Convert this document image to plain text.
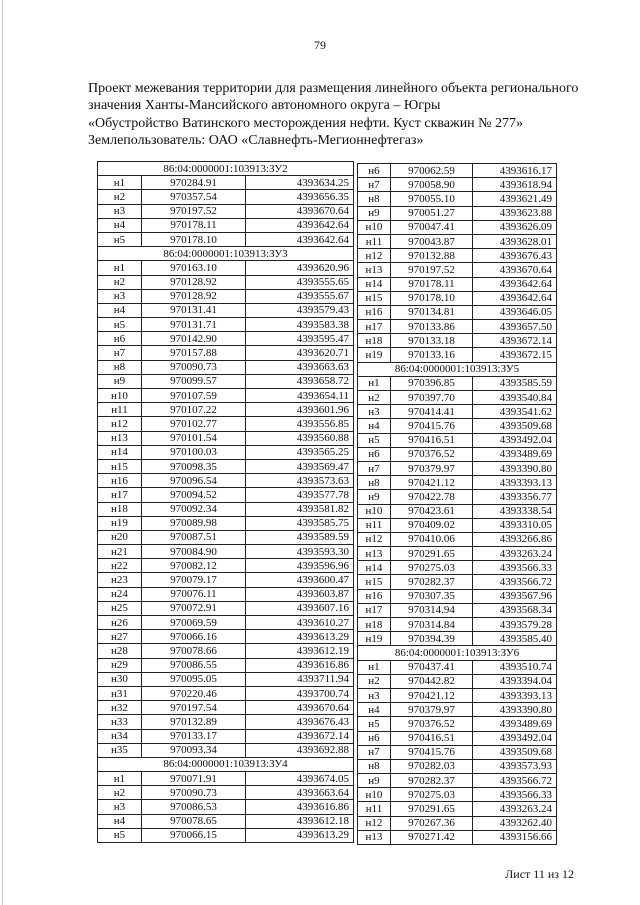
79
Проект межевания территории для размещения линейного объекта регионального
значения Ханты-Мансийского автономного округа – Югры
«Обустройство Ватинского месторождения нефти. Куст скважин № 277»
Землепользователь: ОАО «Славнефть-Мегионнефтегаз»
86:04:0000001:103913:ЗУ2		
н1	970284.91	4393634.25
н2	970357.54	4393656.35
н3	970197.52	4393670.64
н4	970178.11	4393642.64
н5	970178.10	4393642.64
86:04:0000001:103913:ЗУ3		
н1	970163.10	4393620.96
н2	970128.92	4393555.65
н3	970128.92	4393555.67
н4	970131.41	4393579.43
н5	970131.71	4393583.38
н6	970142.90	4393595.47
н7	970157.88	4393620.71
н8	970090.73	4393663.63
н9	970099.57	4393658.72
н10	970107.59	4393654.11
н11	970107.22	4393601.96
н12	970102.77	4393556.85
н13	970101.54	4393560.88
н14	970100.03	4393565.25
н15	970098.35	4393569.47
н16	970096.54	4393573.63
н17	970094.52	4393577.78
н18	970092.34	4393581.82
н19	970089.98	4393585.75
н20	970087.51	4393589.59
н21	970084.90	4393593.30
н22	970082.12	4393596.96
н23	970079.17	4393600.47
н24	970076.11	4393603.87
н25	970072.91	4393607.16
н26	970069.59	4393610.27
н27	970066.16	4393613.29
н28	970078.66	4393612.19
н29	970086.55	4393616.86
н30	970095.05	4393711.94
н31	970220.46	4393700.74
н32	970197.54	4393670.64
н33	970132.89	4393676.43
н34	970133.17	4393672.14
н35	970093.34	4393692.88
86:04:0000001:103913:ЗУ4		
н1	970071.91	4393674.05
н2	970090.73	4393663.64
н3	970086.53	4393616.86
н4	970078.65	4393612.18
н5	970066.15	4393613.29
н6	970062.59	4393616.17
н7	970058.90	4393618.94
н8	970055.10	4393621.49
н9	970051.27	4393623.88
н10	970047.41	4393626.09
н11	970043.87	4393628.01
н12	970132.88	4393676.43
н13	970197.52	4393670.64
н14	970178.11	4393642.64
н15	970178.10	4393642.64
н16	970134.81	4393646.05
н17	970133.86	4393657.50
н18	970133.18	4393672.14
н19	970133.16	4393672.15
86:04:0000001:103913:ЗУ5		
н1	970396.85	4393585.59
н2	970397.70	4393540.84
н3	970414.41	4393541.62
н4	970415.76	4393509.68
н5	970416.51	4393492.04
н6	970376.52	4393489.69
н7	970379.97	4393390.80
н8	970421.12	4393393.13
н9	970422.78	4393356.77
н10	970423.61	4393338.54
н11	970409.02	4393310.05
н12	970410.06	4393266.86
н13	970291.65	4393263.24
н14	970275.03	4393566.33
н15	970282.37	4393566.72
н16	970307.35	4393567.96
н17	970314.94	4393568.34
н18	970314.84	4393579.28
н19	970394.39	4393585.40
86:04:0000001:103913:ЗУ6		
н1	970437.41	4393510.74
н2	970442.82	4393394.04
н3	970421.12	4393393.13
н4	970379.97	4393390.80
н5	970376.52	4393489.69
н6	970416.51	4393492.04
н7	970415.76	4393509.68
н8	970282.03	4393573.93
н9	970282.37	4393566.72
н10	970275.03	4393566.33
н11	970291.65	4393263.24
н12	970267.36	4393262.40
н13	970271.42	4393156.66
Лист 11 из 12
